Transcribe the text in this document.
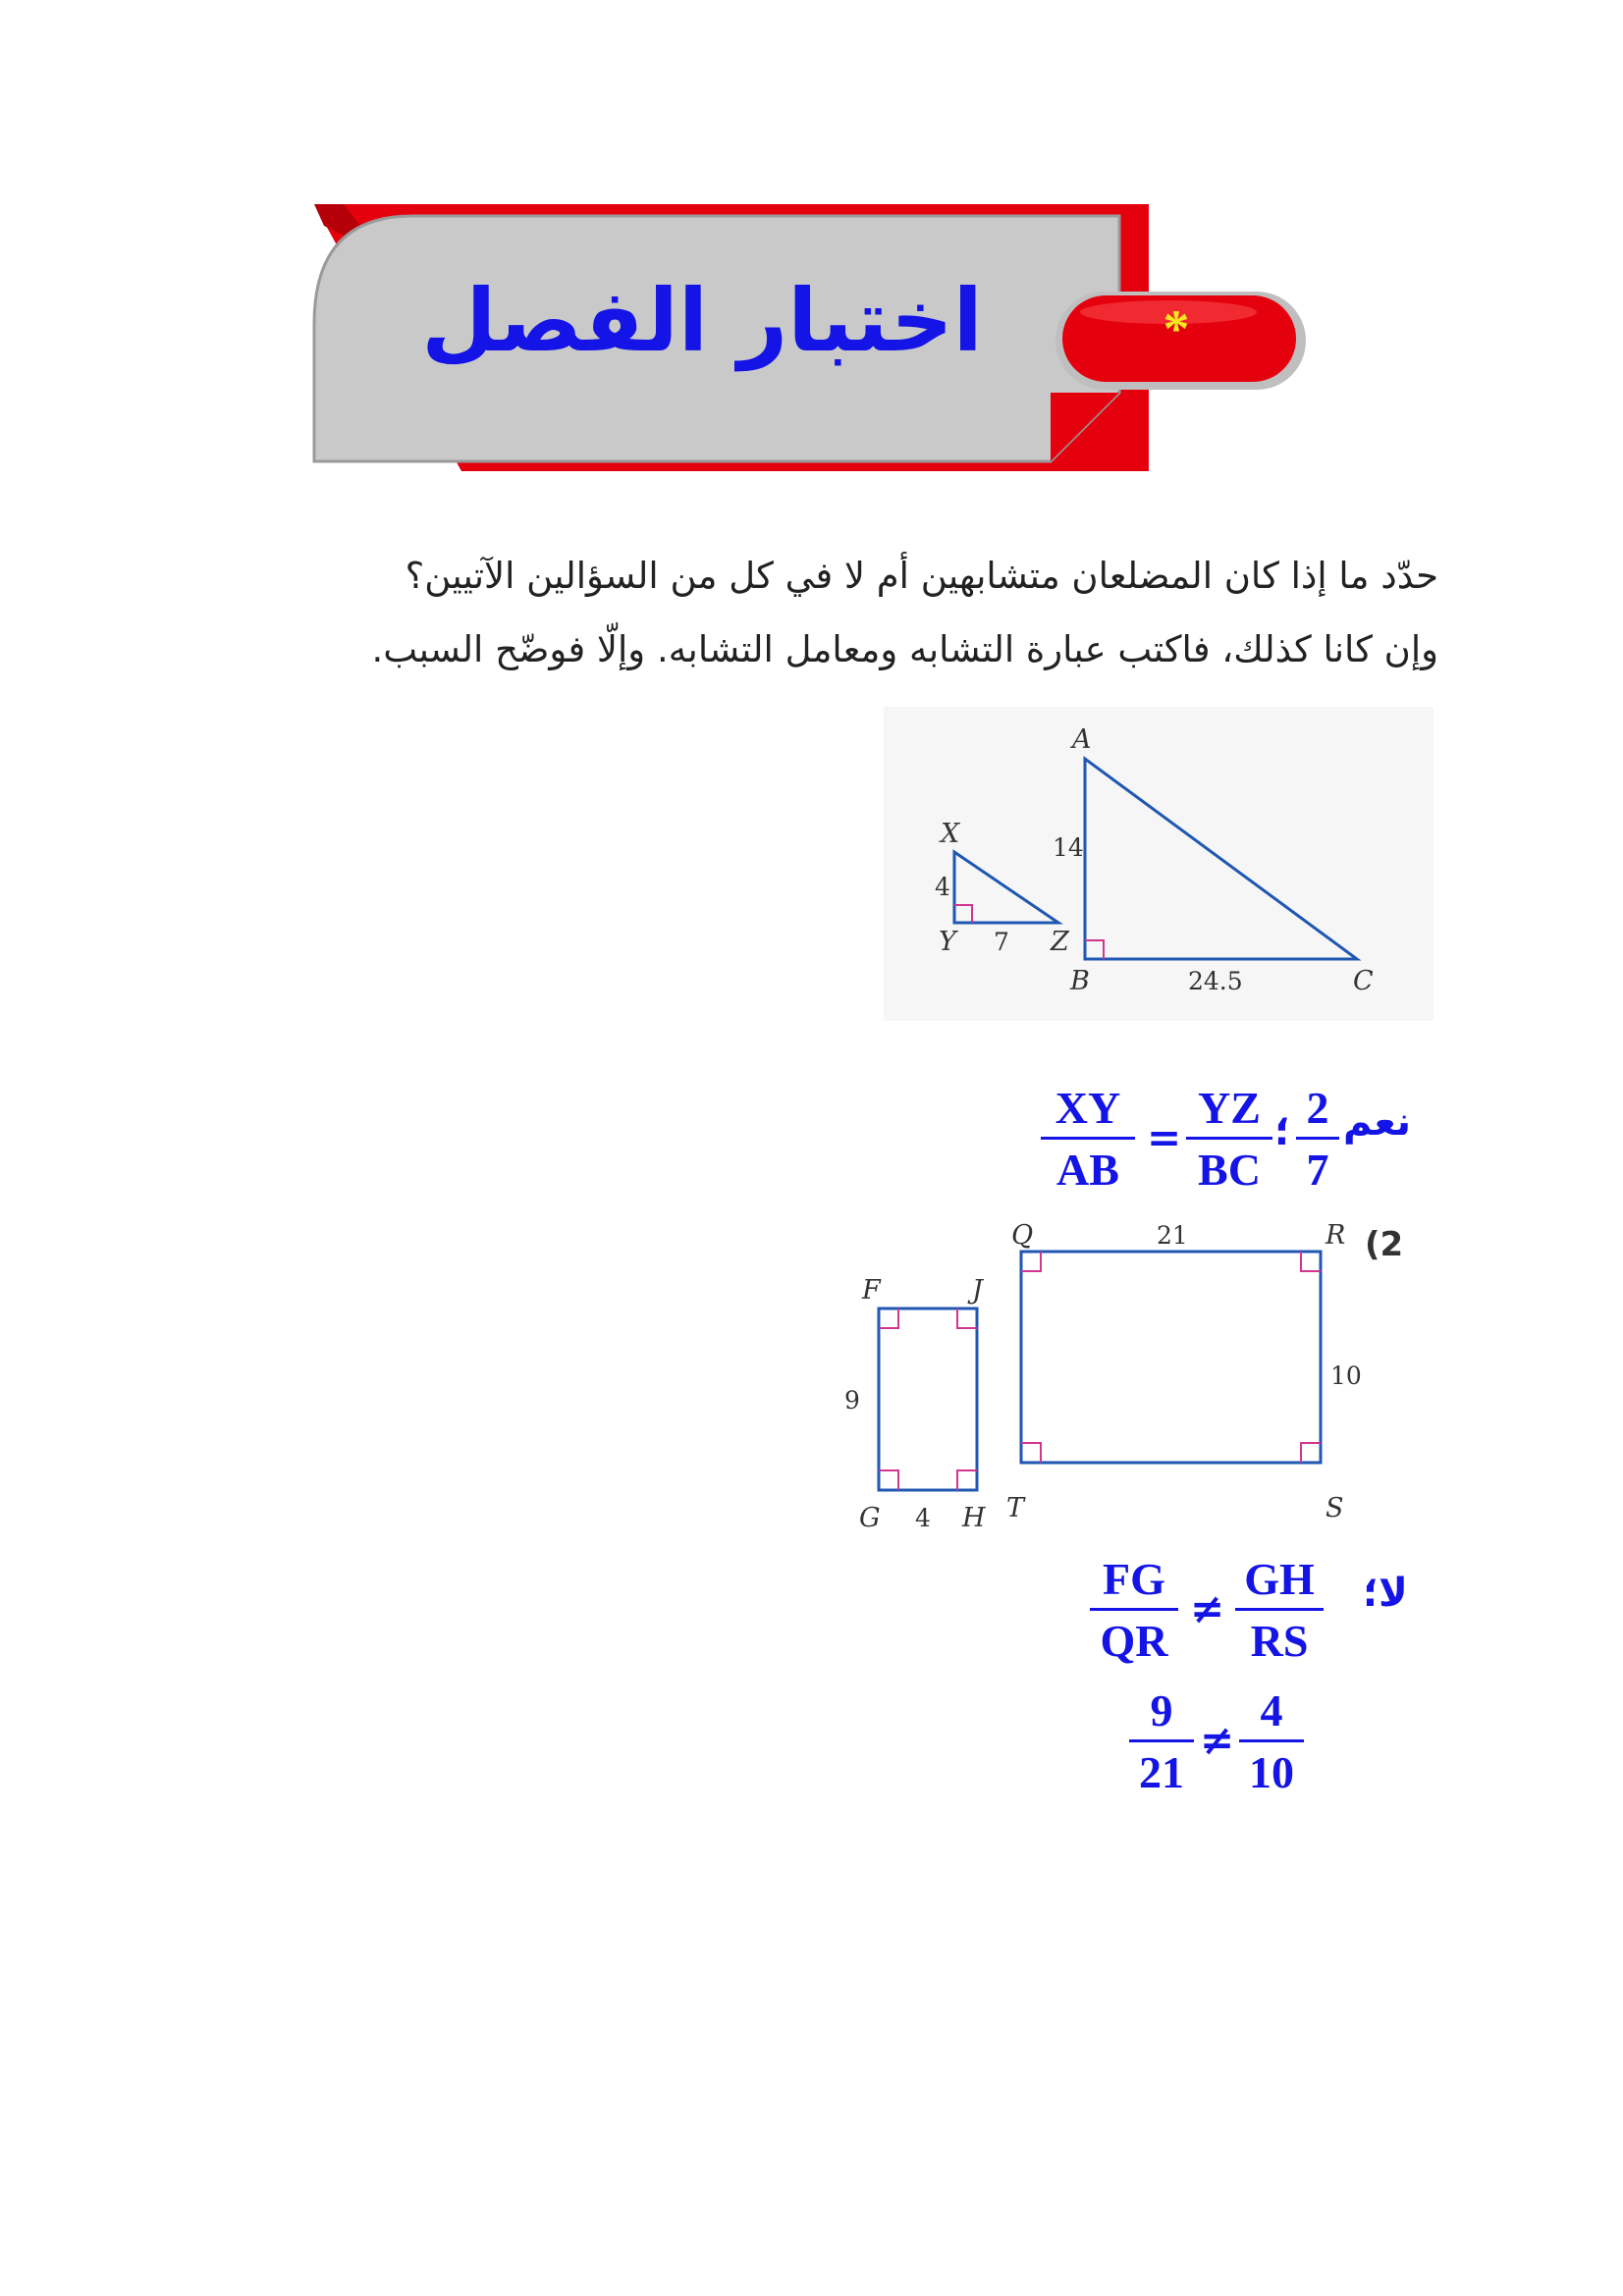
اختبار الفصل	*
حدّد ما إذا كان المضلعان متشابهين أم لا في كل من السؤالين الآتيين؟
وإن كانا كذلك، فاكتب عبارة التشابه ومعامل التشابه. وإلّا فوضّح السبب.
X
Y	Z
4
7
A
B	C
14
24.5
$\frac{XY}{AB} = \frac{YZ}{BC}$ ؛ $\frac{2}{7}$ نعم
(2
F	J
G	H
9
4
Q	R
T	S
21
10
$\frac{FG}{QR} \ne \frac{GH}{RS}$ لا؛
$\frac{9}{21} \ne \frac{4}{10}$
